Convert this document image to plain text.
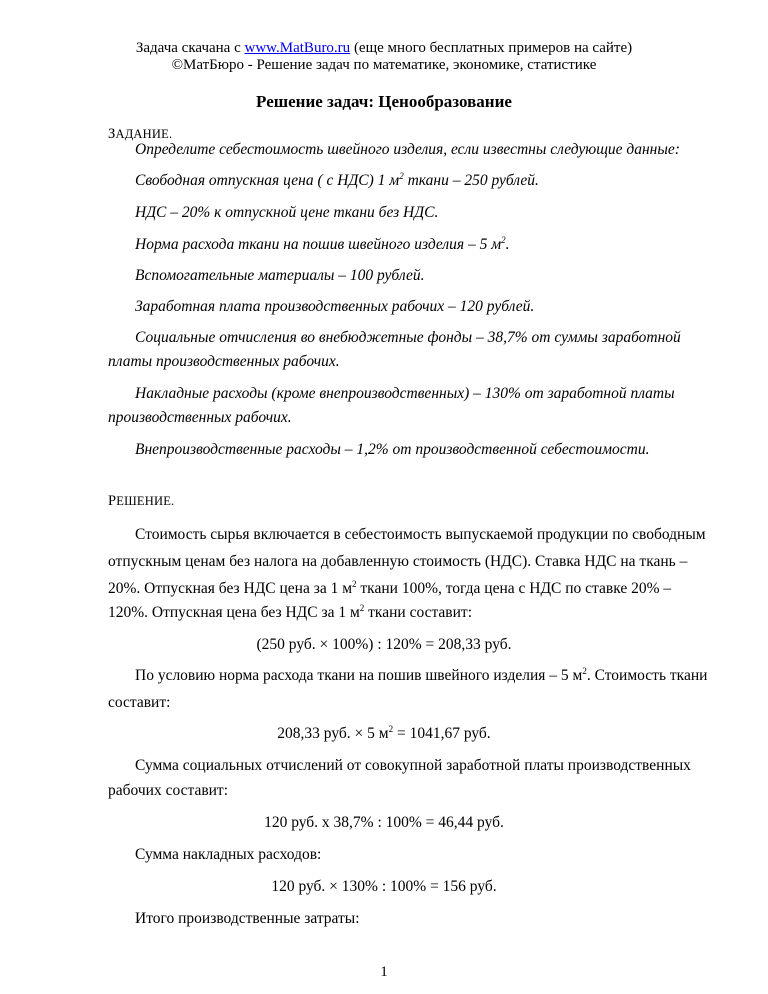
Задача скачана с www.MatBuro.ru (еще много бесплатных примеров на сайте)
©МатБюро - Решение задач по математике, экономике, статистике
Решение задач: Ценообразование
ЗАДАНИЕ.
Определите себестоимость швейного изделия, если известны следующие данные:
Свободная отпускная цена ( с НДС) 1 $м^2$ ткани – 250 рублей.
НДС – 20% к отпускной цене ткани без НДС.
Норма расхода ткани на пошив швейного изделия – 5 $м^2$.
Вспомогательные материалы – 100 рублей.
Заработная плата производственных рабочих – 120 рублей.
Социальные отчисления во внебюджетные фонды – 38,7% от суммы заработной
платы производственных рабочих.
Накладные расходы (кроме внепроизводственных) – 130% от заработной платы
производственных рабочих.
Внепроизводственные расходы – 1,2% от производственной себестоимости.
РЕШЕНИЕ.
Стоимость сырья включается в себестоимость выпускаемой продукции по свободным
отпускным ценам без налога на добавленную стоимость (НДС). Ставка НДС на ткань –
20%. Отпускная без НДС цена за 1 $м^2$ ткани 100%, тогда цена с НДС по ставке 20% –
120%. Отпускная цена без НДС за 1 $м^2$ ткани составит:
(250 руб. × 100%) : 120% = 208,33 руб.
По условию норма расхода ткани на пошив швейного изделия – 5 $м^2$. Стоимость ткани
составит:
208,33 руб. × 5 $м^2 = 1041,67$ руб.
Сумма социальных отчислений от совокупной заработной платы производственных
рабочих составит:
120 руб. х 38,7% : 100% = 46,44 руб.
Сумма накладных расходов:
120 руб. × 130% : 100% = 156 руб.
Итого производственные затраты:
1
